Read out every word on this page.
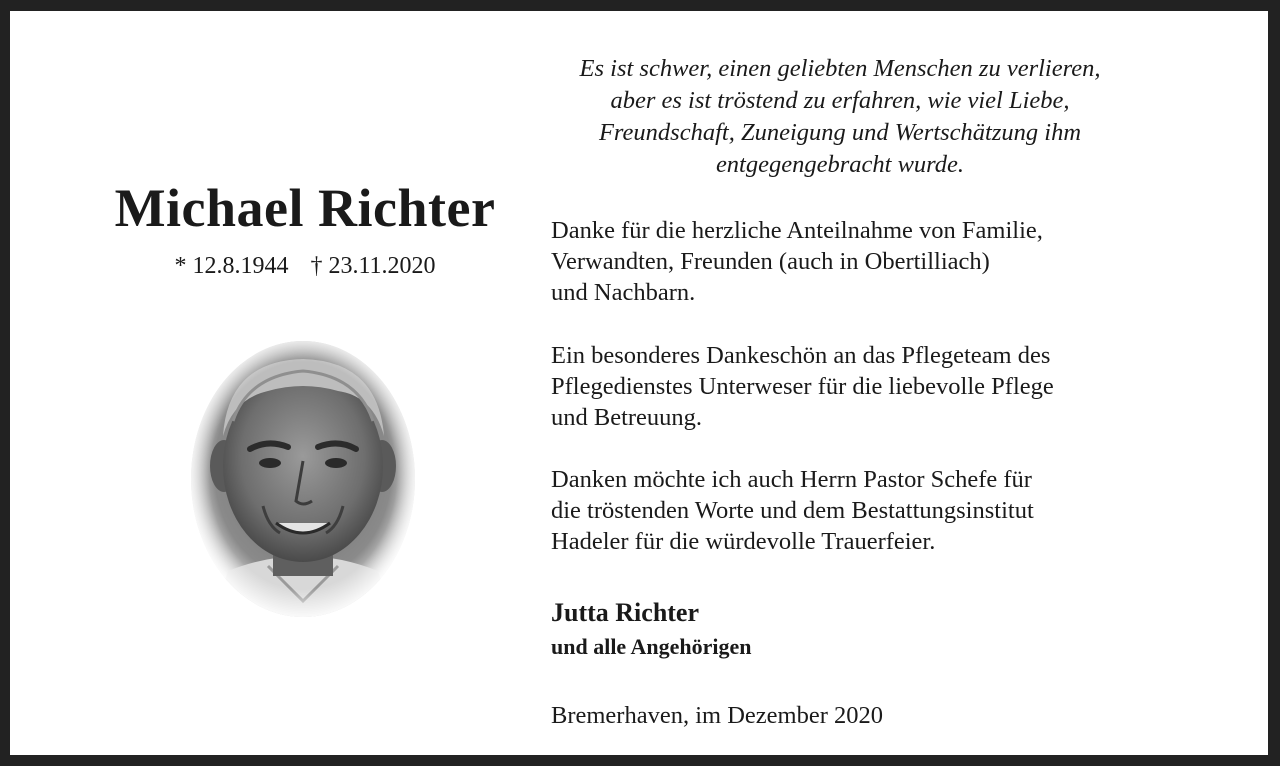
Michael Richter
* 12.8.1944 † 23.11.2020
Es ist schwer, einen geliebten Menschen zu verlieren,
aber es ist tröstend zu erfahren, wie viel Liebe,
Freundschaft, Zuneigung und Wertschätzung ihm
entgegengebracht wurde.

Danke für die herzliche Anteilnahme von Familie,
Verwandten, Freunden (auch in Obertilliach)
und Nachbarn.

Ein besonderes Dankeschön an das Pflegeteam des
Pflegedienstes Unterweser für die liebevolle Pflege
und Betreuung.

Danken möchte ich auch Herrn Pastor Schefe für
die tröstenden Worte und dem Bestattungsinstitut
Hadeler für die würdevolle Trauerfeier.

Jutta Richter
und alle Angehörigen
Bremerhaven, im Dezember 2020
